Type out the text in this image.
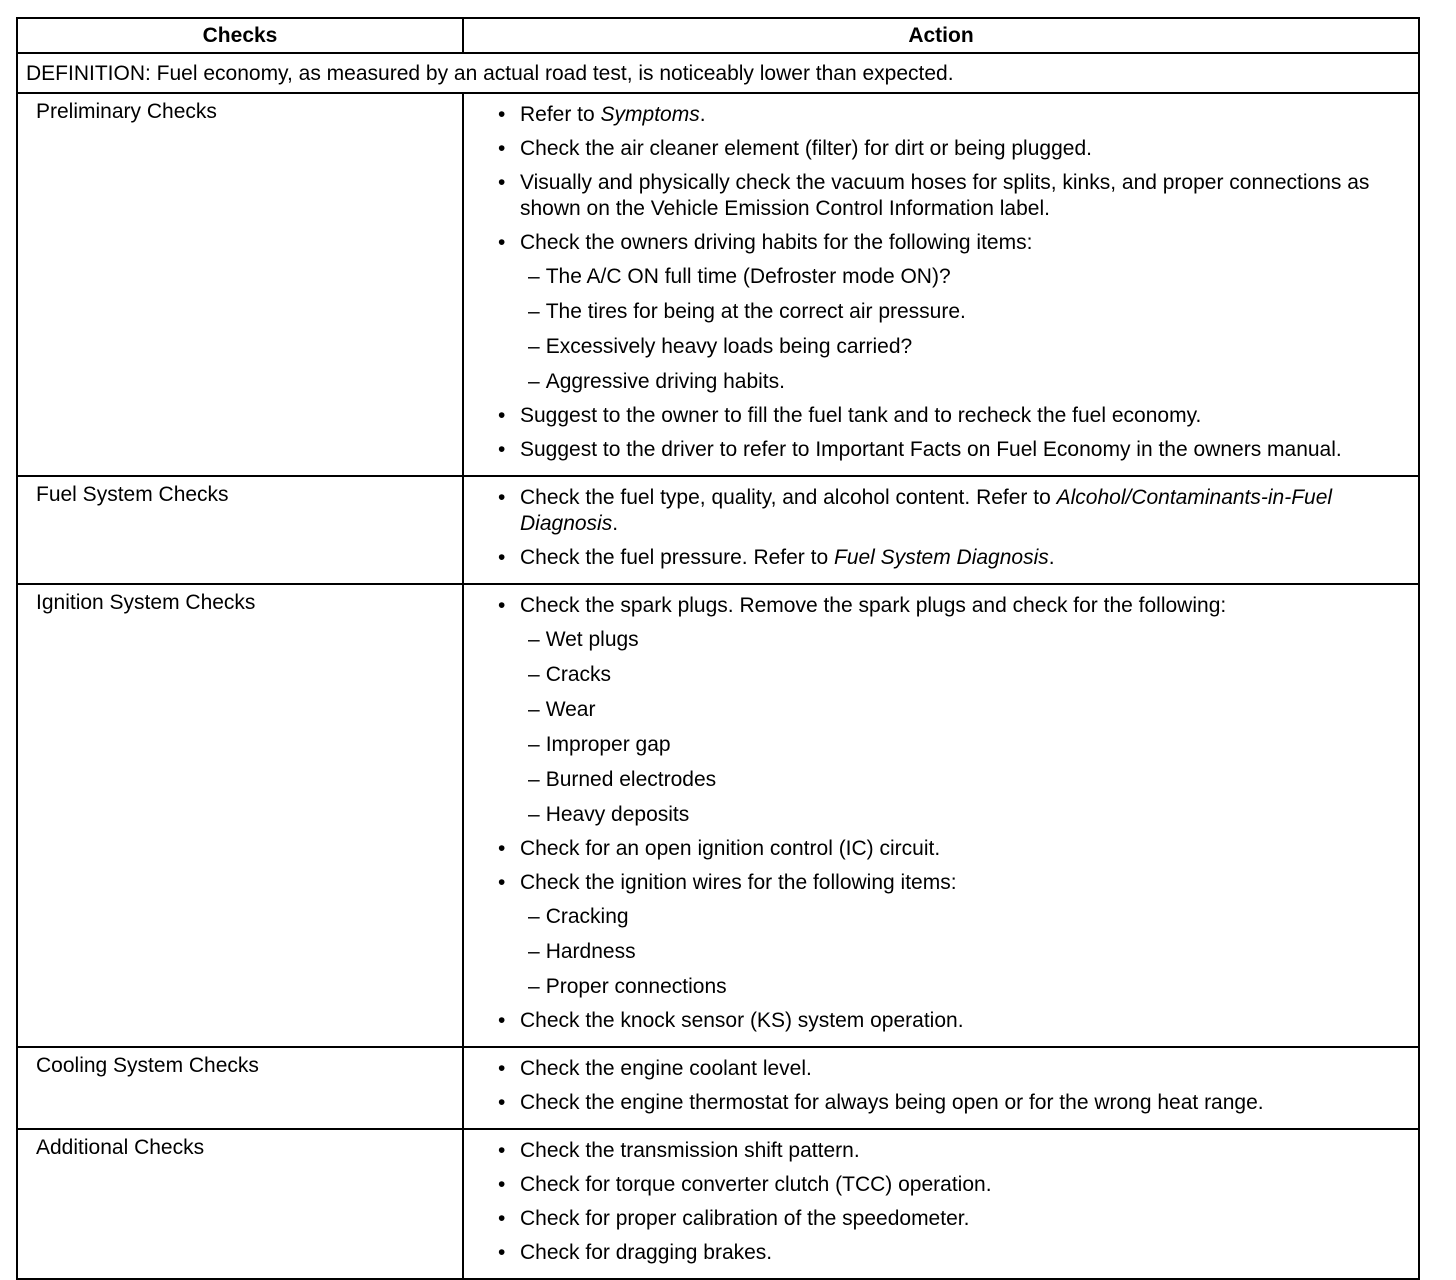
Checks	Action
DEFINITION: Fuel economy, as measured by an actual road test, is noticeably lower than expected.
Preliminary Checks	• Refer to Symptoms.
• Check the air cleaner element (filter) for dirt or being plugged.
• Visually and physically check the vacuum hoses for splits, kinks, and proper connections as shown on the Vehicle Emission Control Information label.
• Check the owners driving habits for the following items:
– The A/C ON full time (Defroster mode ON)?
– The tires for being at the correct air pressure.
– Excessively heavy loads being carried?
– Aggressive driving habits.
• Suggest to the owner to fill the fuel tank and to recheck the fuel economy.
• Suggest to the driver to refer to Important Facts on Fuel Economy in the owners manual.
Fuel System Checks	• Check the fuel type, quality, and alcohol content. Refer to Alcohol/Contaminants-in-Fuel Diagnosis.
• Check the fuel pressure. Refer to Fuel System Diagnosis.
Ignition System Checks	• Check the spark plugs. Remove the spark plugs and check for the following:
– Wet plugs
– Cracks
– Wear
– Improper gap
– Burned electrodes
– Heavy deposits
• Check for an open ignition control (IC) circuit.
• Check the ignition wires for the following items:
– Cracking
– Hardness
– Proper connections
• Check the knock sensor (KS) system operation.
Cooling System Checks	• Check the engine coolant level.
• Check the engine thermostat for always being open or for the wrong heat range.
Additional Checks	• Check the transmission shift pattern.
• Check for torque converter clutch (TCC) operation.
• Check for proper calibration of the speedometer.
• Check for dragging brakes.
